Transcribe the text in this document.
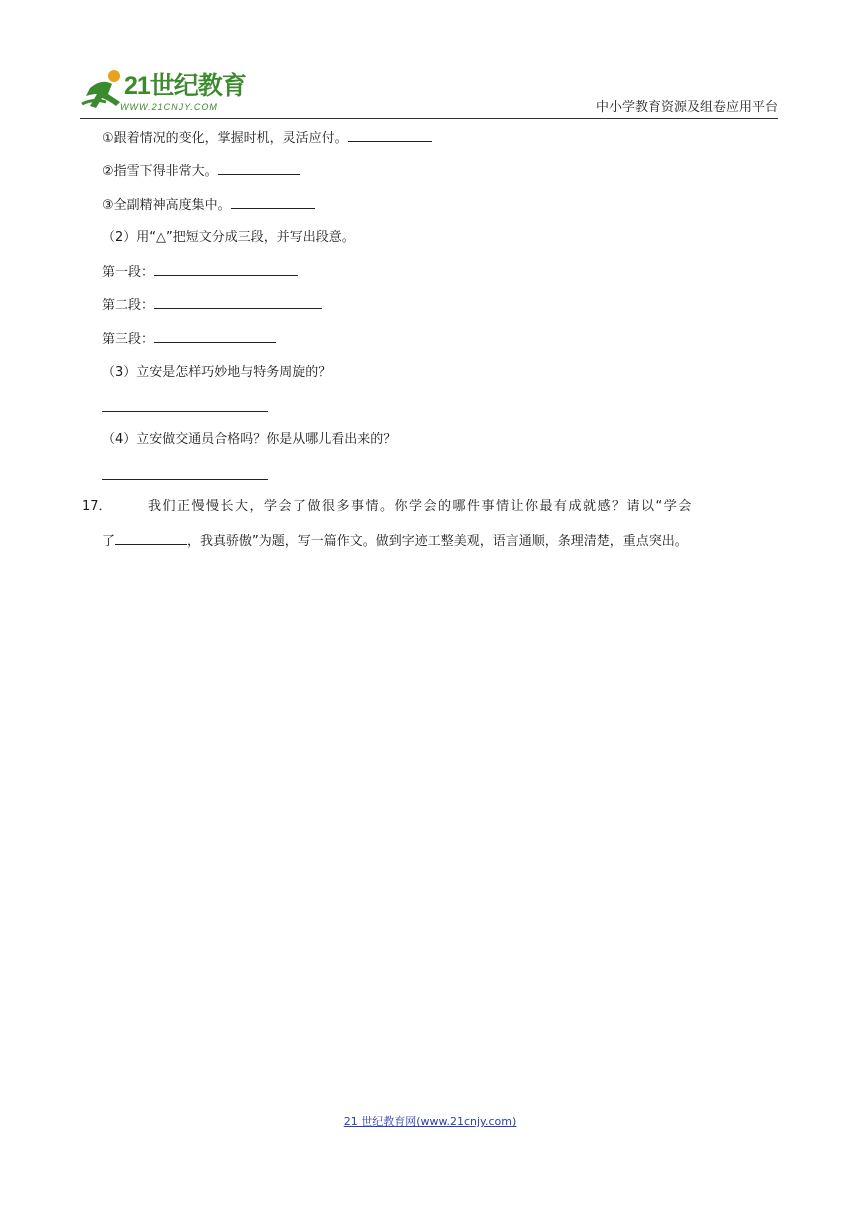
21世纪教育
WWW.21CNJY.COM	中小学教育资源及组卷应用平台
①跟着情况的变化，掌握时机，灵活应付。
②指雪下得非常大。
③全副精神高度集中。
（2）用“△”把短文分成三段，并写出段意。
第一段：
第二段：
第三段：
（3）立安是怎样巧妙地与特务周旋的？
（4）立安做交通员合格吗？你是从哪儿看出来的？
17．	我们正慢慢长大，学会了做很多事情。你学会的哪件事情让你最有成就感？请以“学会
了	，我真骄傲”为题，写一篇作文。做到字迹工整美观，语言通顺，条理清楚，重点突出。
21 世纪教育网(www.21cnjy.com)
